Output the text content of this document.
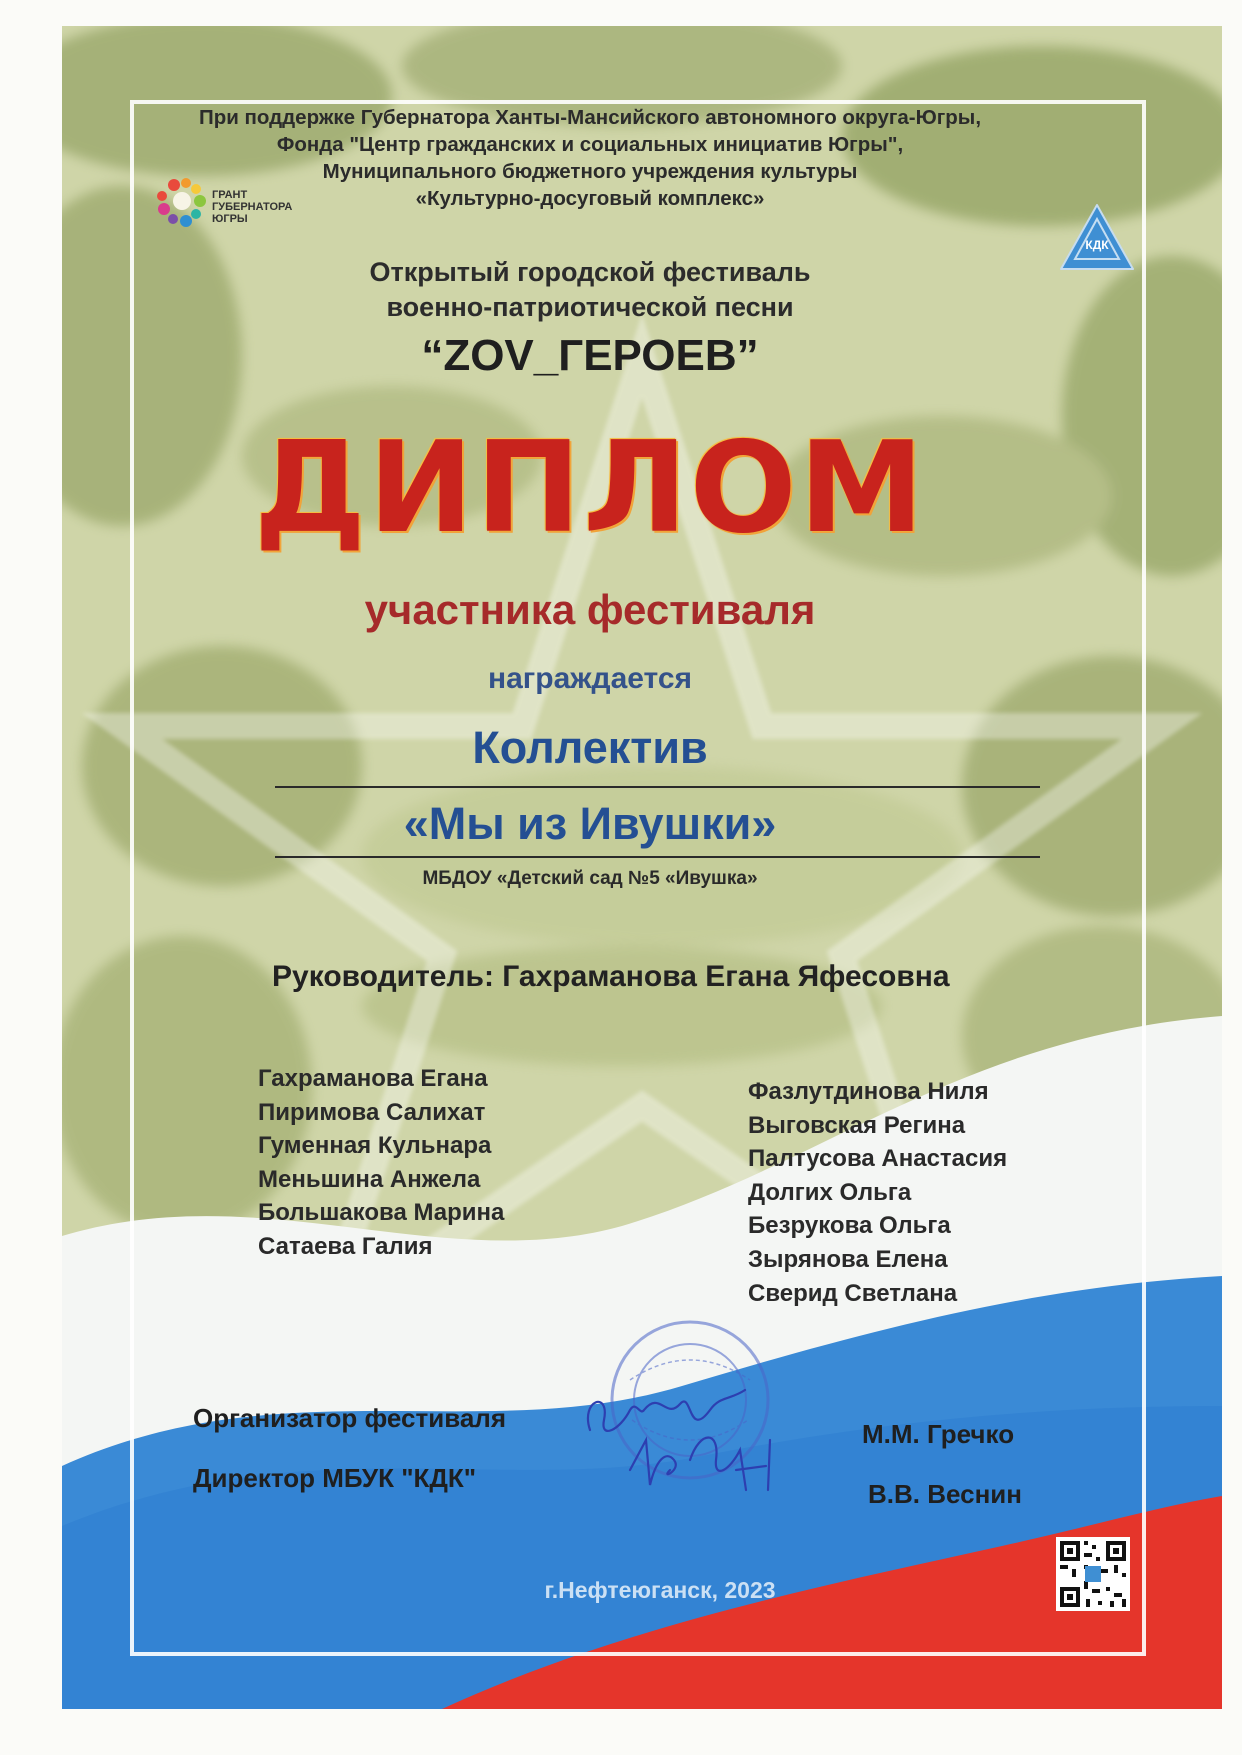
ГРАНТ
ГУБЕРНАТОРА
ЮГРЫ
КДК
При поддержке Губернатора Ханты-Мансийского автономного округа-Югры,
Фонда "Центр гражданских и социальных инициатив Югры",
Муниципального бюджетного учреждения культуры
«Культурно-досуговый комплекс»
Открытый городской фестиваль
военно-патриотической песни
“ZOV_ГЕРОЕВ”
ДИПЛОМ
участника фестиваля
награждается
Коллектив
«Мы из Ивушки»
МБДОУ «Детский сад №5 «Ивушка»
Руководитель: Гахраманова Егана Яфесовна
Гахраманова Егана
Пиримова Салихат
Гуменная Кульнара
Меньшина Анжела
Большакова Марина
Сатаева Галия
Фазлутдинова Ниля
Выговская Регина
Палтусова Анастасия
Долгих Ольга
Безрукова Ольга
Зырянова Елена
Сверид Светлана
Организатор фестиваля
Директор МБУК "КДК"
М.М. Гречко
В.В. Веснин
г.Нефтеюганск, 2023
